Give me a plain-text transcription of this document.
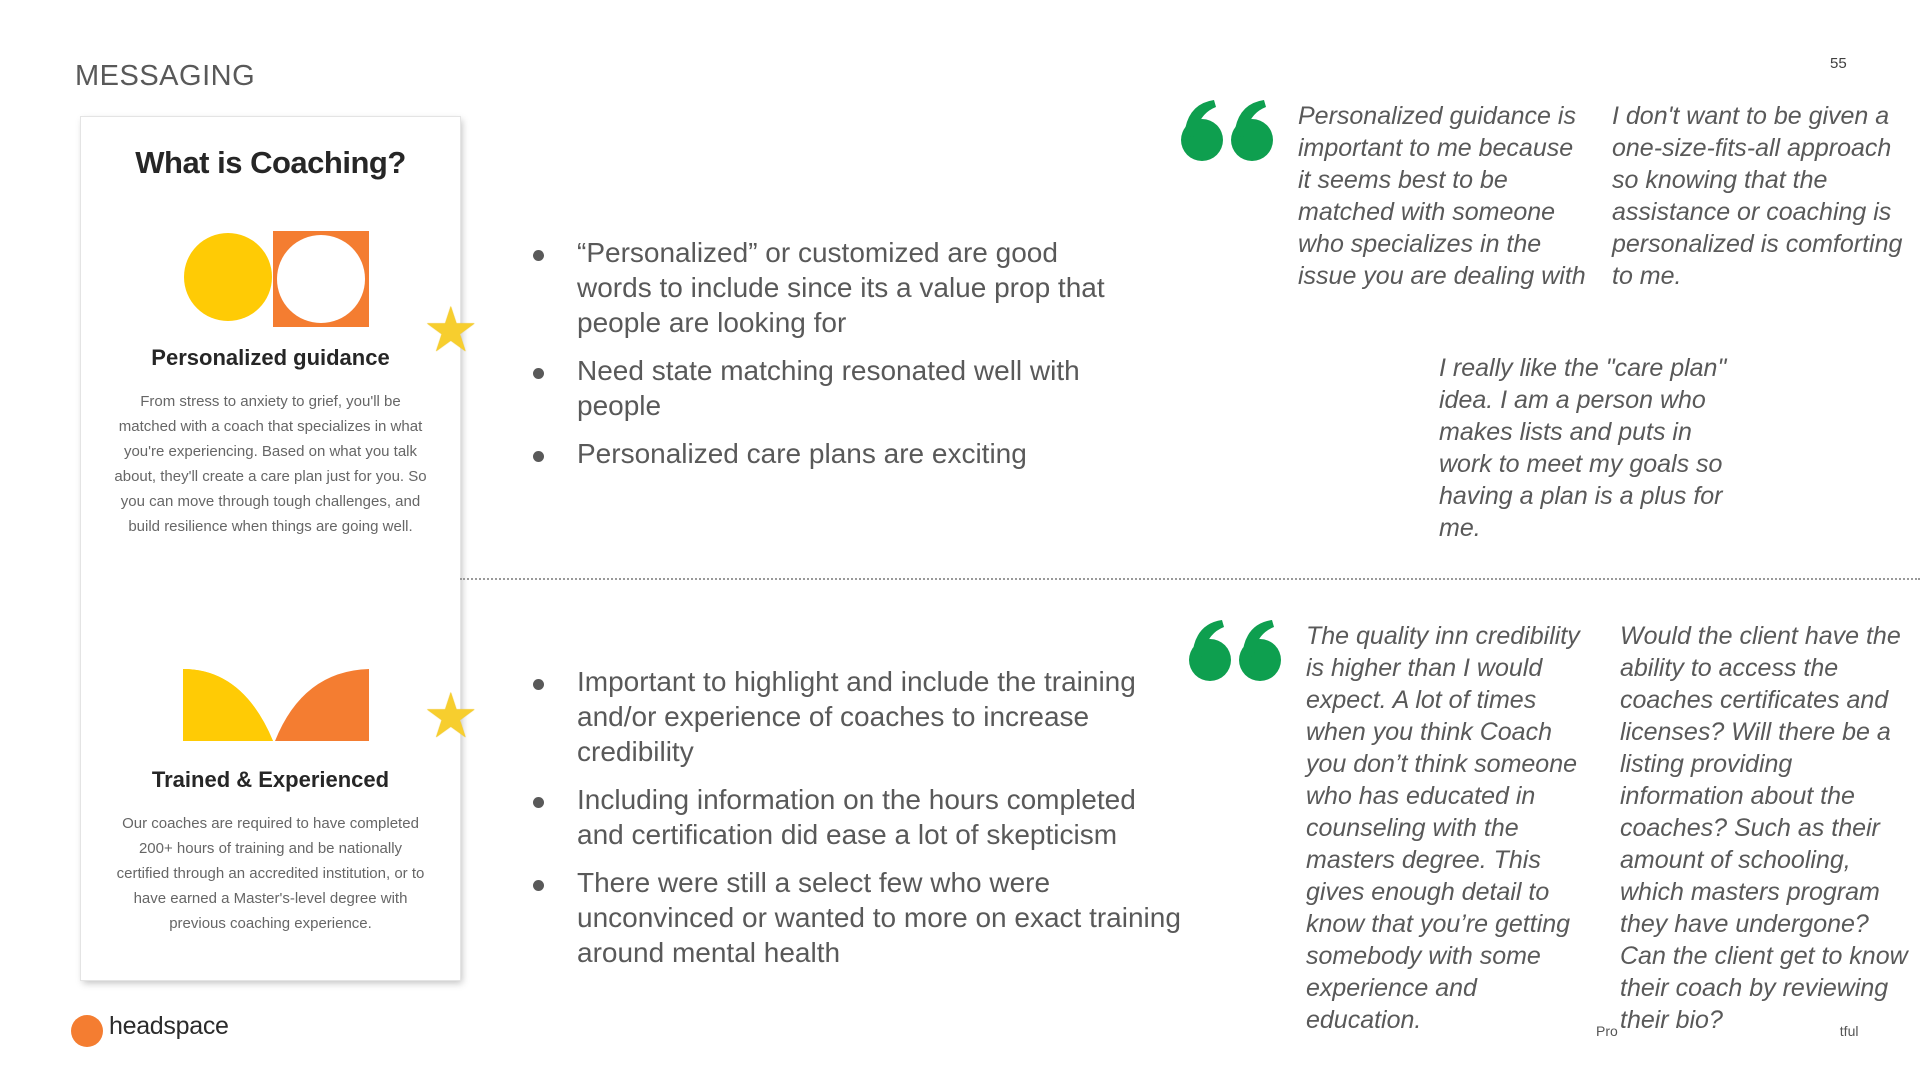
MESSAGING	55
What is Coaching?
Personalized guidance
From stress to anxiety to grief, you'll be matched with a coach that specializes in what you're experiencing. Based on what you talk about, they'll create a care plan just for you. So you can move through tough challenges, and build resilience when things are going well.
Trained & Experienced
Our coaches are required to have completed 200+ hours of training and be nationally certified through an accredited institution, or to have earned a Master's-level degree with previous coaching experience.
★
★
“Personalized” or customized are good words to include since its a value prop that people are looking for
Need state matching resonated well with people
Personalized care plans are exciting
Important to highlight and include the training and/or experience of coaches to increase credibility
Including information on the hours completed and certification did ease a lot of skepticism
There were still a select few who were unconvinced or wanted to more on exact training around mental health
Personalized guidance is important to me because it seems best to be matched with someone who specializes in the issue you are dealing with
I don't want to be given a one-size-fits-all approach so knowing that the assistance or coaching is personalized is comforting to me.
I really like the "care plan" idea. I am a person who makes lists and puts in work to meet my goals so having a plan is a plus for me.
The quality inn credibility is higher than I would expect. A lot of times when you think Coach you don’t think someone who has educated in counseling with the masters degree. This gives enough detail to know that you’re getting somebody with some experience and education.
Would the client have the ability to access the coaches certificates and licenses? Will there be a listing providing information about the coaches? Such as their amount of schooling, which masters program they have undergone? Can the client get to know their coach by reviewing their bio?
headspace	Pro	tful
